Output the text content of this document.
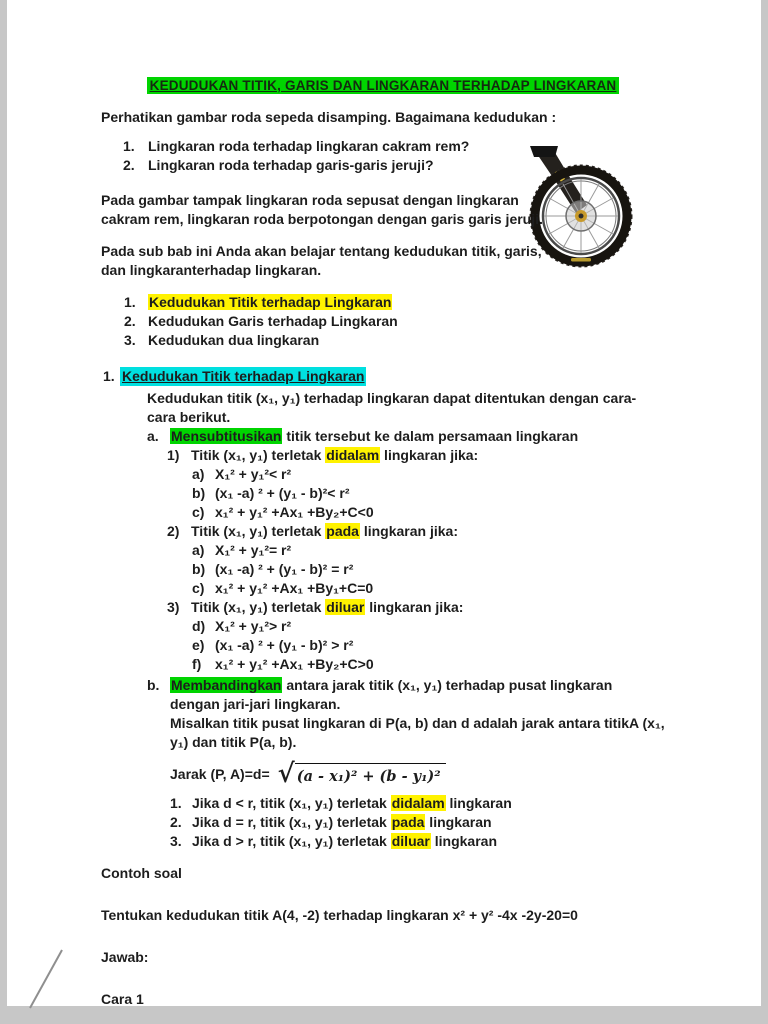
KEDUDUKAN TITIK, GARIS DAN LINGKARAN TERHADAP LINGKARAN

Perhatikan gambar roda sepeda disamping. Bagaimana kedudukan :

1. Lingkaran roda terhadap lingkaran cakram rem?
2. Lingkaran roda terhadap garis-garis jeruji?

Pada gambar tampak lingkaran roda sepusat dengan lingkaran cakram rem, lingkaran roda berpotongan dengan garis garis jeruji.

Pada sub bab ini Anda akan belajar tentang kedudukan titik, garis, dan lingkaranterhadap lingkaran.

1. Kedudukan Titik terhadap Lingkaran
2. Kedudukan Garis terhadap Lingkaran
3. Kedudukan dua lingkaran
1. Kedudukan Titik terhadap Lingkaran

Kedudukan titik (x₁, y₁) terhadap lingkaran dapat ditentukan dengan cara-cara berikut.

a. Mensubtitusikan titik tersebut ke dalam persamaan lingkaran
1) Titik (x₁, y₁) terletak didalam lingkaran jika:
a) X₁² + y₁²< r²
b) (x₁ -a) ² + (y₁ - b)²< r²
c) x₁² + y₁² +Ax₁ +By₂+C<0
2) Titik (x₁, y₁) terletak pada lingkaran jika:
a) X₁² + y₁²= r²
b) (x₁ -a) ² + (y₁ - b)² = r²
c) x₁² + y₁² +Ax₁ +By₁+C=0
3) Titik (x₁, y₁) terletak diluar lingkaran jika:
d) X₁² + y₁²> r²
e) (x₁ -a) ² + (y₁ - b)² > r²
f) x₁² + y₁² +Ax₁ +By₂+C>0
b. Membandingkan antara jarak titik (x₁, y₁) terhadap pusat lingkaran dengan jari-jari lingkaran.

Misalkan titik pusat lingkaran di P(a, b) dan d adalah jarak antara titikA (x₁, y₁) dan titik P(a, b).

Jarak (P, A)=d= √ (a - x₁)² + (b - y₁)²
1. Jika d < r, titik (x₁, y₁) terletak didalam lingkaran
2. Jika d = r, titik (x₁, y₁) terletak pada lingkaran
3. Jika d > r, titik (x₁, y₁) terletak diluar lingkaran

Contoh soal

Tentukan kedudukan titik A(4, -2) terhadap lingkaran x² + y² -4x -2y-20=0

Jawab:

Cara 1
